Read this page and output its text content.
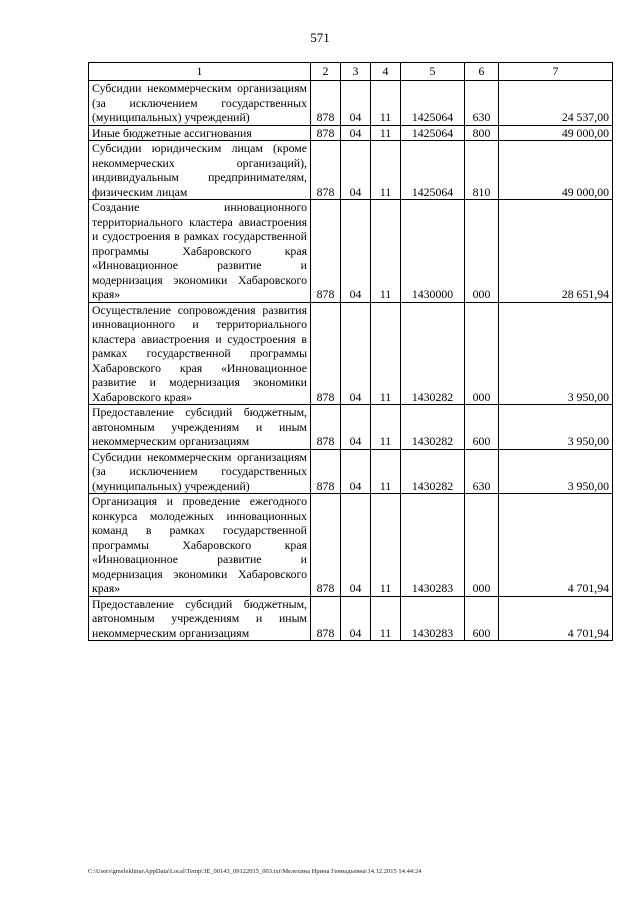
571
1	2	3	4	5	6	7
Субсидии некоммерческим организациям (за исключением государственных (муниципальных) учреждений)	878	04	11	1425064	630	24 537,00
Иные бюджетные ассигнования	878	04	11	1425064	800	49 000,00
Субсидии юридическим лицам (кроме некоммерческих организаций), индивидуальным предпринимателям, физическим лицам	878	04	11	1425064	810	49 000,00
Создание инновационного территориального кластера авиастроения и судостроения в рамках государственной программы Хабаровского края «Инновационное развитие и модернизация экономики Хабаровского края»	878	04	11	1430000	000	28 651,94
Осуществление сопровождения развития инновационного и территориального кластера авиастроения и судостроения в рамках государственной программы Хабаровского края «Инновационное развитие и модернизация экономики Хабаровского края»	878	04	11	1430282	000	3 950,00
Предоставление субсидий бюджетным, автономным учреждениям и иным некоммерческим организациям	878	04	11	1430282	600	3 950,00
Субсидии некоммерческим организациям (за исключением государственных (муниципальных) учреждений)	878	04	11	1430282	630	3 950,00
Организация и проведение ежегодного конкурса молодежных инновационных команд в рамках государственной программы Хабаровского края «Инновационное развитие и модернизация экономики Хабаровского края»	878	04	11	1430283	000	4 701,94
Предоставление субсидий бюджетным, автономным учреждениям и иным некоммерческим организациям	878	04	11	1430283	600	4 701,94
C:\Users\gmelekhina\AppData\Local\Temp\3E_00143_09122015_003.txt\Мелехина Ирина Геннадьевна\14.12.2015 14:44:24
